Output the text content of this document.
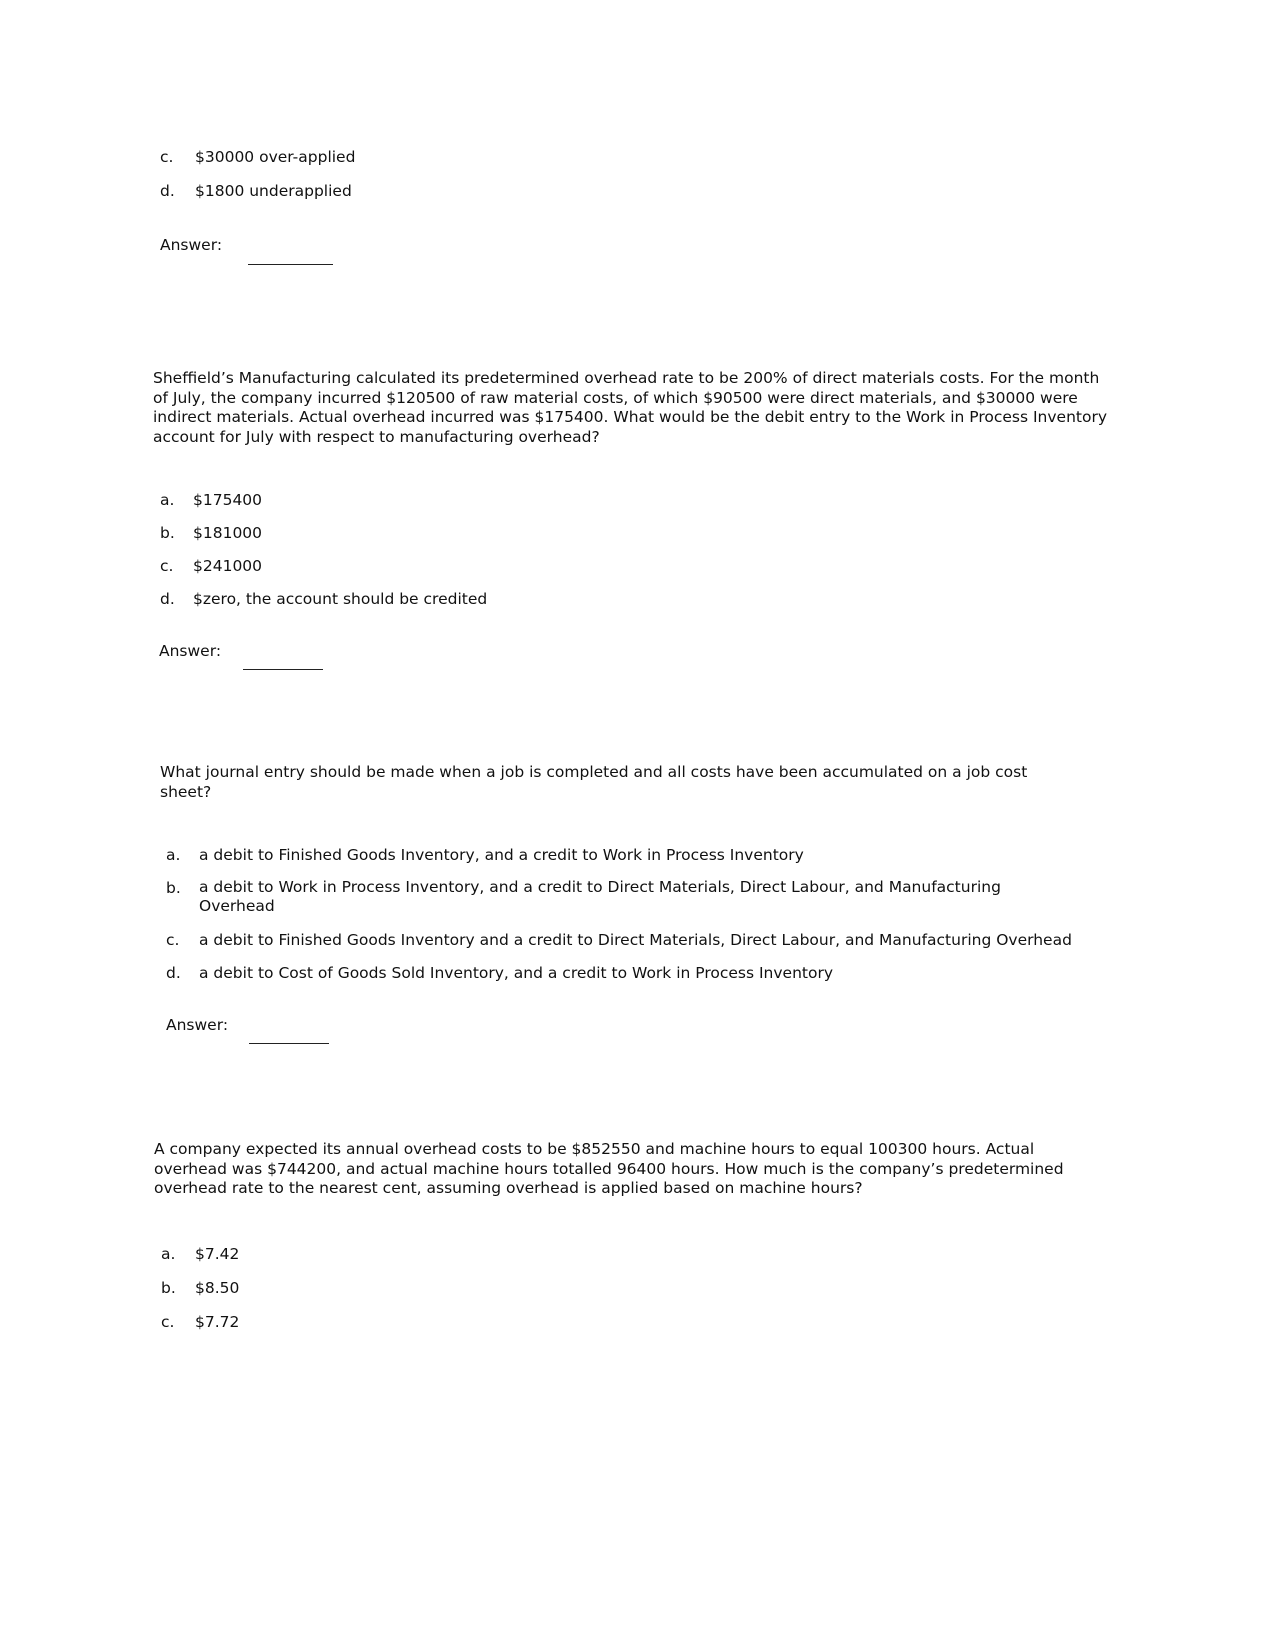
c. $30000 over-applied
d. $1800 underapplied
Answer:
Sheffield’s Manufacturing calculated its predetermined overhead rate to be 200% of direct materials costs. For the month of July, the company incurred $120500 of raw material costs, of which $90500 were direct materials, and $30000 were indirect materials. Actual overhead incurred was $175400. What would be the debit entry to the Work in Process Inventory account for July with respect to manufacturing overhead?
a. $175400
b. $181000
c. $241000
d. $zero, the account should be credited
Answer:
What journal entry should be made when a job is completed and all costs have been accumulated on a job cost sheet?
a. a debit to Finished Goods Inventory, and a credit to Work in Process Inventory
b. a debit to Work in Process Inventory, and a credit to Direct Materials, Direct Labour, and Manufacturing Overhead
c. a debit to Finished Goods Inventory and a credit to Direct Materials, Direct Labour, and Manufacturing Overhead
d. a debit to Cost of Goods Sold Inventory, and a credit to Work in Process Inventory
Answer:
A company expected its annual overhead costs to be $852550 and machine hours to equal 100300 hours. Actual overhead was $744200, and actual machine hours totalled 96400 hours. How much is the company’s predetermined overhead rate to the nearest cent, assuming overhead is applied based on machine hours?
a. $7.42
b. $8.50
c. $7.72
